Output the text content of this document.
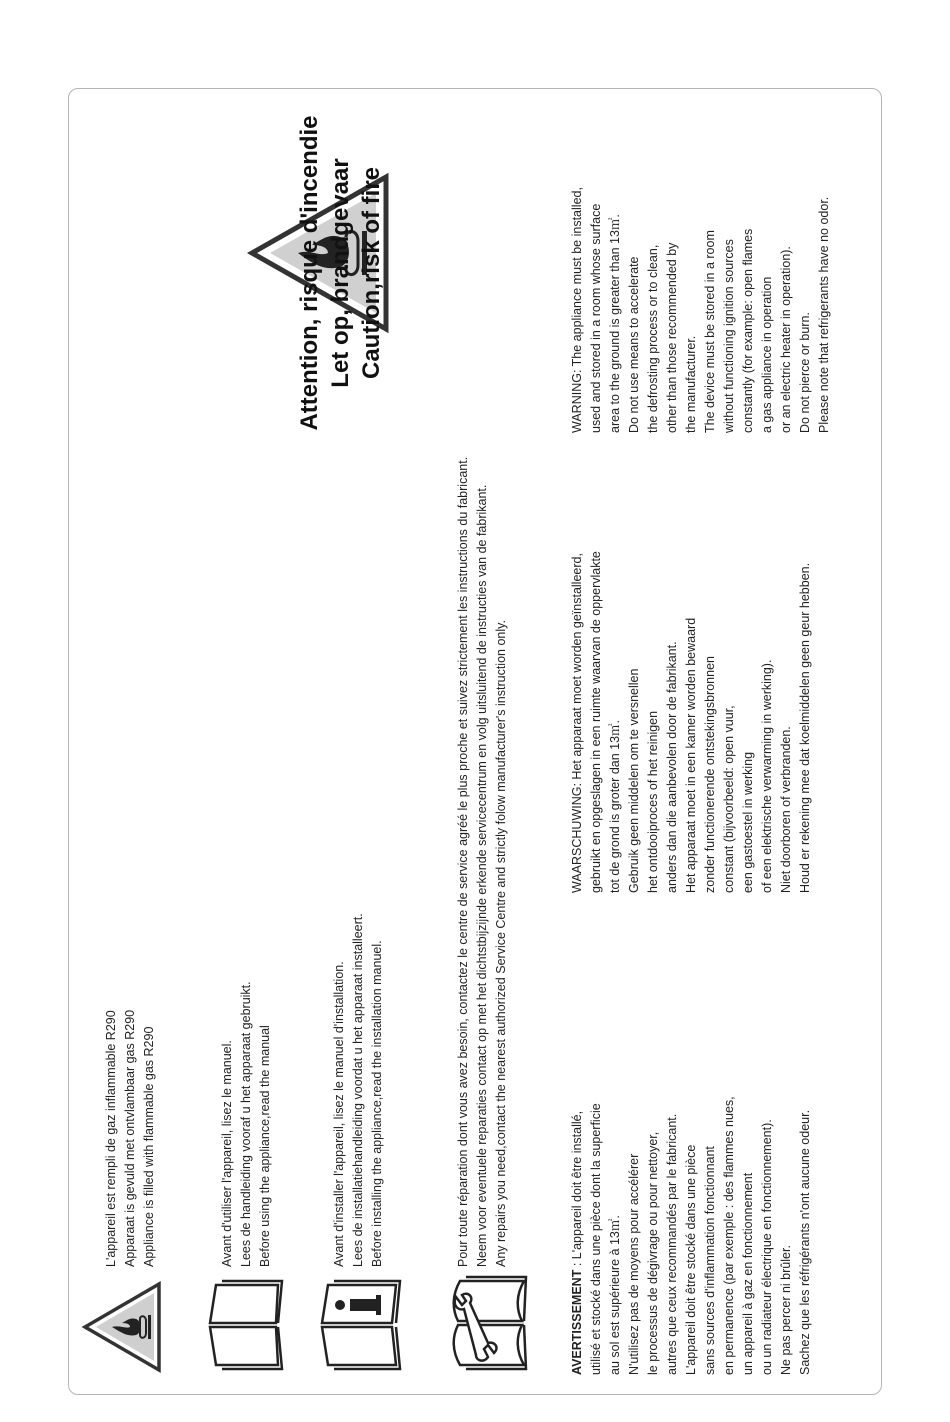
L'appareil est rempli de gaz inflammable R290 Apparaat is gevuld met ontvlambaar gas R290 Appliance is filled with flammable gas R290	Avant d'utiliser l'appareil, lisez le manuel. Lees de handleiding vooraf u het apparaat gebruikt. Before using the appliance,read the manual	Avant d'installer l'appareil, lisez le manuel d'installation. Lees de installatiehandleiding voordat u het apparaat installeert. Before installing the appliance,read the installation manuel.	Pour toute réparation dont vous avez besoin, contactez le centre de service agréé le plus proche et suivez strictement les instructions du fabricant. Neem voor eventuele reparaties contact op met het dichtstbijzijnde erkende servicecentrum en volg uitsluitend de instructies van de fabrikant. Any repairs you need,contact the nearest authorized Service Centre and strictly folow manufacturer's instruction only.
AVERTISSEMENT : L'appareil doit être installé, utilisé et stocké dans une pièce dont la superficie au sol est supérieure à 13㎡. N'utilisez pas de moyens pour accélérer le processus de dégivrage ou pour nettoyer, autres que ceux recommandés par le fabricant. L'appareil doit être stocké dans une pièce sans sources d'inflammation fonctionnant en permanence (par exemple : des flammes nues, un appareil à gaz en fonctionnement ou un radiateur électrique en fonctionnement). Ne pas percer ni brûler. Sachez que les réfrigérants n'ont aucune odeur.
WAARSCHUWING: Het apparaat moet worden geïnstalleerd, gebruikt en opgeslagen in een ruimte waarvan de oppervlakte tot de grond is groter dan 13㎡. Gebruik geen middelen om te versnellen het ontdooiproces of het reinigen anders dan die aanbevolen door de fabrikant. Het apparaat moet in een kamer worden bewaard zonder functionerende ontstekingsbronnen constant (bijvoorbeeld: open vuur, een gastoestel in werking of een elektrische verwarming in werking). Niet doorboren of verbranden. Houd er rekening mee dat koelmiddelen geen geur hebben.
WARNING: The appliance must be installed, used and stored in a room whose surface area to the ground is greater than 13㎡. Do not use means to accelerate the defrosting process or to clean, other than those recommended by the manufacturer. The device must be stored in a room without functioning ignition sources constantly (for example: open flames a gas appliance in operation or an electric heater in operation). Do not pierce or burn. Please note that refrigerants have no odor.
Attention, risque d'incendie Let op, brandgevaar Caution,risk of fire
